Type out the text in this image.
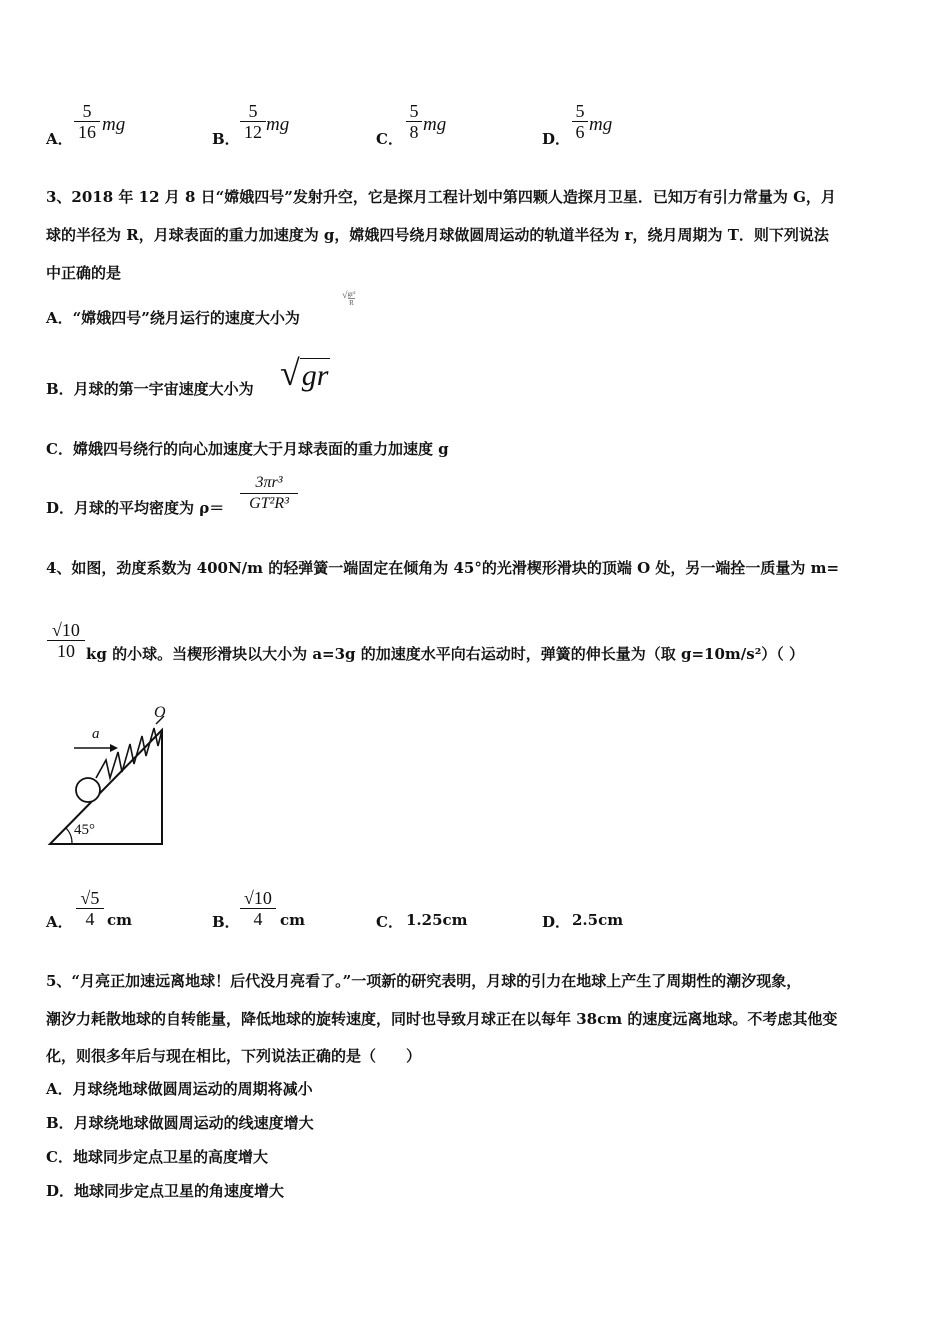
A． $\frac{5}{16}$ mg
B． $\frac{5}{12}$ mg
C． $\frac{5}{8}$ mg
D． $\frac{5}{6}$ mg
3、2018 年 12 月 8 日“嫦娥四号”发射升空，它是探月工程计划中第四颗人造探月卫星．已知万有引力常量为 G，月
球的半径为 R，月球表面的重力加速度为 g，嫦娥四号绕月球做圆周运动的轨道半径为 r，绕月周期为 T．则下列说法
中正确的是
A．“嫦娥四号”绕月运行的速度大小为
√ $\frac{\text{gr²}}{R}$
B．月球的第一宇宙速度大小为 √gr
C．嫦娥四号绕行的向心加速度大于月球表面的重力加速度 g
D．月球的平均密度为 $\rho= \frac{\text{3πr³}}{\text{GT²R³}}$
4、如图，劲度系数为 400N/m 的轻弹簧一端固定在倾角为 45°的光滑楔形滑块的顶端 O 处，另一端拴一质量为 m=
$\frac{√10}{10}$ kg 的小球。当楔形滑块以大小为 a=3g 的加速度水平向右运动时，弹簧的伸长量为（取 g=10m/s²）（ ）
O
a
45°
A． $\frac{√5}{4}$ cm	B． $\frac{√10}{4}$ cm	C． 1.25cm	D． 2.5cm
5、“月亮正加速远离地球！后代没月亮看了。”一项新的研究表明，月球的引力在地球上产生了周期性的潮汐现象，
潮汐力耗散地球的自转能量，降低地球的旋转速度，同时也导致月球正在以每年 38cm 的速度远离地球。不考虑其他变
化，则很多年后与现在相比，下列说法正确的是（　　）
A．月球绕地球做圆周运动的周期将减小
B．月球绕地球做圆周运动的线速度增大
C．地球同步定点卫星的高度增大
D．地球同步定点卫星的角速度增大
